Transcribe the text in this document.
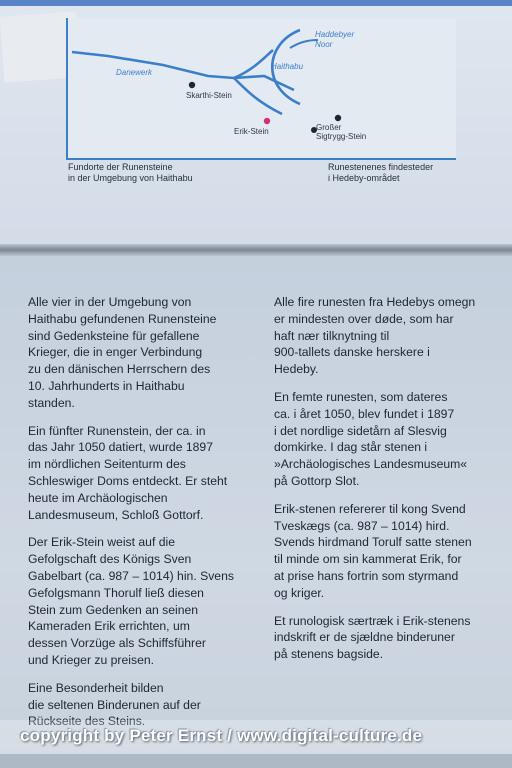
Haddebyer
Noor
Haithabu
Danewerk
Skarthi-Stein
Erik-Stein	Großer
Sigtrygg-Stein
Fundorte der Runensteine
in der Umgebung von Haithabu
Runestenenes findesteder
i Hedeby-området

Alle vier in der Umgebung von
Haithabu gefundenen Runensteine
sind Gedenksteine für gefallene
Krieger, die in enger Verbindung
zu den dänischen Herrschern des
10. Jahrhunderts in Haithabu
standen.

Ein fünfter Runenstein, der ca. in
das Jahr 1050 datiert, wurde 1897
im nördlichen Seitenturm des
Schleswiger Doms entdeckt. Er steht
heute im Archäologischen
Landesmuseum, Schloß Gottorf.

Der Erik-Stein weist auf die
Gefolgschaft des Königs Sven
Gabelbart (ca. 987 – 1014) hin. Svens
Gefolgsmann Thorulf ließ diesen
Stein zum Gedenken an seinen
Kameraden Erik errichten, um
dessen Vorzüge als Schiffsführer
und Krieger zu preisen.

Eine Besonderheit bilden
die seltenen Binderunen auf der
Rückseite des Steins.

Alle fire runesten fra Hedebys omegn
er mindesten over døde, som har
haft nær tilknytning til
900-tallets danske herskere i
Hedeby.

En femte runesten, som dateres
ca. i året 1050, blev fundet i 1897
i det nordlige sidetårn af Slesvig
domkirke. I dag står stenen i
»Archäologisches Landesmuseum«
på Gottorp Slot.

Erik-stenen refererer til kong Svend
Tveskægs (ca. 987 – 1014) hird.
Svends hirdmand Torulf satte stenen
til minde om sin kammerat Erik, for
at prise hans fortrin som styrmand
og kriger.

Et runologisk særtræk i Erik-stenens
indskrift er de sjældne binderuner
på stenens bagside.

copyright by Peter Ernst / www.digital-culture.de
